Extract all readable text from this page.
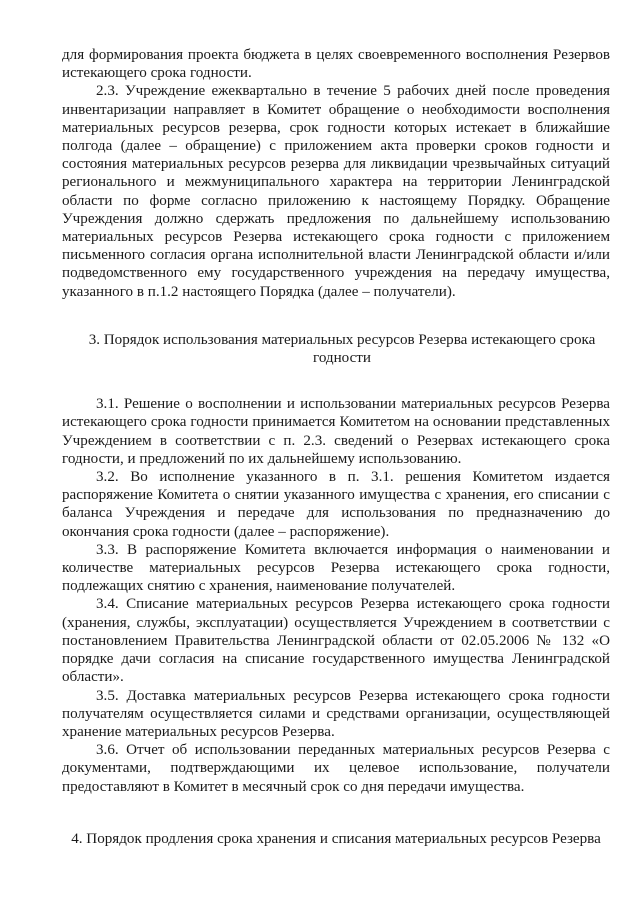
для формирования проекта бюджета в целях своевременного восполнения Резервов истекающего срока годности.

2.3. Учреждение ежеквартально в течение 5 рабочих дней после проведения инвентаризации направляет в Комитет обращение о необходимости восполнения материальных ресурсов резерва, срок годности которых истекает в ближайшие полгода (далее – обращение) с приложением акта проверки сроков годности и состояния материальных ресурсов резерва для ликвидации чрезвычайных ситуаций регионального и межмуниципального характера на территории Ленинградской области по форме согласно приложению к настоящему Порядку. Обращение Учреждения должно сдержать предложения по дальнейшему использованию материальных ресурсов Резерва истекающего срока годности с приложением письменного согласия органа исполнительной власти Ленинградской области и/или подведомственного ему государственного учреждения на передачу имущества, указанного в п.1.2 настоящего Порядка (далее – получатели).

3. Порядок использования материальных ресурсов Резерва истекающего срока годности

3.1. Решение о восполнении и использовании материальных ресурсов Резерва истекающего срока годности принимается Комитетом на основании представленных Учреждением в соответствии с п. 2.3. сведений о Резервах истекающего срока годности, и предложений по их дальнейшему использованию.

3.2. Во исполнение указанного в п. 3.1. решения Комитетом издается распоряжение Комитета о снятии указанного имущества с хранения, его списании с баланса Учреждения и передаче для использования по предназначению до окончания срока годности (далее – распоряжение).

3.3. В распоряжение Комитета включается информация о наименовании и количестве материальных ресурсов Резерва истекающего срока годности, подлежащих снятию с хранения, наименование получателей.

3.4. Списание материальных ресурсов Резерва истекающего срока годности (хранения, службы, эксплуатации) осуществляется Учреждением в соответствии с постановлением Правительства Ленинградской области от 02.05.2006 № 132 «О порядке дачи согласия на списание государственного имущества Ленинградской области».

3.5. Доставка материальных ресурсов Резерва истекающего срока годности получателям осуществляется силами и средствами организации, осуществляющей хранение материальных ресурсов Резерва.

3.6. Отчет об использовании переданных материальных ресурсов Резерва с документами, подтверждающими их целевое использование, получатели предоставляют в Комитет в месячный срок со дня передачи имущества.

4. Порядок продления срока хранения и списания материальных ресурсов Резерва
